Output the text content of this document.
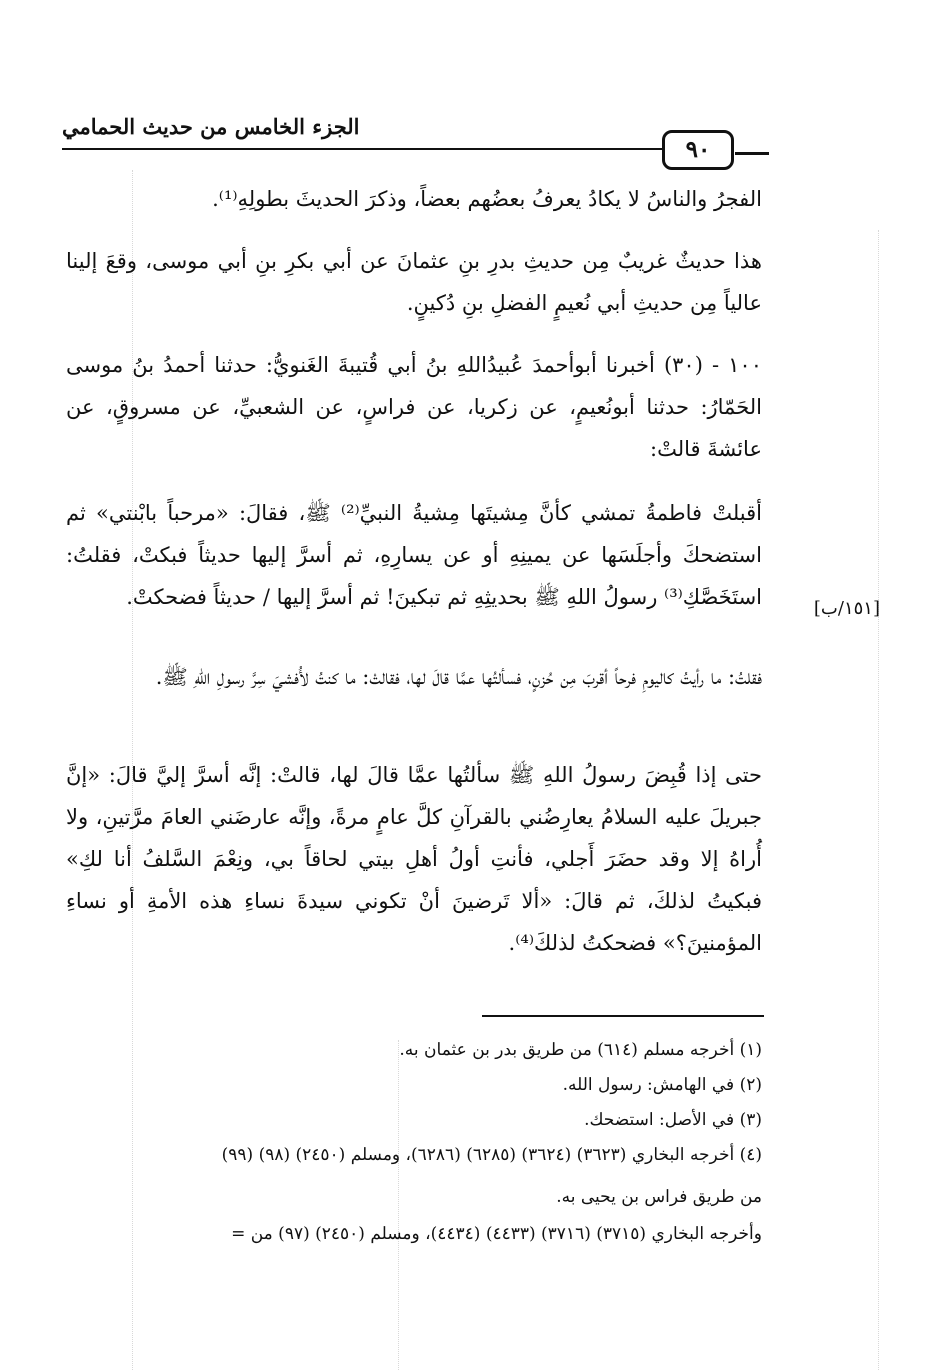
الجزء الخامس من حديث الحمامي
٩٠

الفجرُ والناسُ لا يكادُ يعرفُ بعضُهم بعضاً، وذكرَ الحديثَ بطولِهِ⁽¹⁾.

هذا حديثٌ غريبٌ مِن حديثِ بدرِ بنِ عثمانَ عن أبي بكرِ بنِ أبي موسى، وقعَ إلينا عالياً مِن حديثِ أبي نُعيمٍ الفضلِ بنِ دُكينٍ.

١٠٠ - (٣٠) أخبرنا أبوأحمدَ عُبيدُاللهِ بنُ أبي قُتيبةَ الغَنويُّ: حدثنا أحمدُ بنُ موسى الحَمّارُ: حدثنا أبونُعيمٍ، عن زكريا، عن فراسٍ، عن الشعبيِّ، عن مسروقٍ، عن عائشةَ قالتْ:

أقبلتْ فاطمةُ تمشي كأنَّ مِشيتَها مِشيةُ النبيِّ⁽²⁾ ﷺ، فقالَ: «مرحباً بابْنتي» ثم استضحكَ وأجلَسَها عن يمينِهِ أو عن يسارِهِ، ثم أسرَّ إليها حديثاً فبكتْ، فقلتُ: استَخَصَّكِ⁽³⁾ رسولُ اللهِ ﷺ بحديثِهِ ثم تبكينَ! ثم أسرَّ إليها / حديثاً فضحكتْ.	[١٥١/ب]

فقلتُ: ما رأيتُ كاليومِ فرحاً أقربَ مِن حُزنٍ، فسألتُها عمَّا قالَ لها، فقالتْ: ما كنتُ لأُفشيَ سِرَّ رسولِ اللهِ ﷺ.

حتى إذا قُبِضَ رسولُ اللهِ ﷺ سألتُها عمَّا قالَ لها، قالتْ: إنَّه أسرَّ إليَّ قالَ: «إنَّ جبريلَ عليه السلامُ يعارِضُني بالقرآنِ كلَّ عامٍ مرةً، وإنَّه عارضَني العامَ مرَّتينِ، ولا أُراهُ إلا وقد حضَرَ أَجلي، فأنتِ أولُ أهلِ بيتي لحاقاً بي، ونِعْمَ السَّلفُ أنا لكِ» فبكيتُ لذلكَ، ثم قالَ: «ألا تَرضينَ أنْ تكوني سيدةَ نساءِ هذه الأمةِ أو نساءِ المؤمنينَ؟» فضحكتُ لذلكَ⁽⁴⁾.

(١) أخرجه مسلم (٦١٤) من طريق بدر بن عثمان به.

(٢) في الهامش: رسول الله.

(٣) في الأصل: استضحك.

(٤) أخرجه البخاري (٣٦٢٣) (٣٦٢٤) (٦٢٨٥) (٦٢٨٦)، ومسلم (٢٤٥٠) (٩٨) (٩٩)

من طريق فراس بن يحيى به.

وأخرجه البخاري (٣٧١٥) (٣٧١٦) (٤٤٣٣) (٤٤٣٤)، ومسلم (٢٤٥٠) (٩٧) من =
